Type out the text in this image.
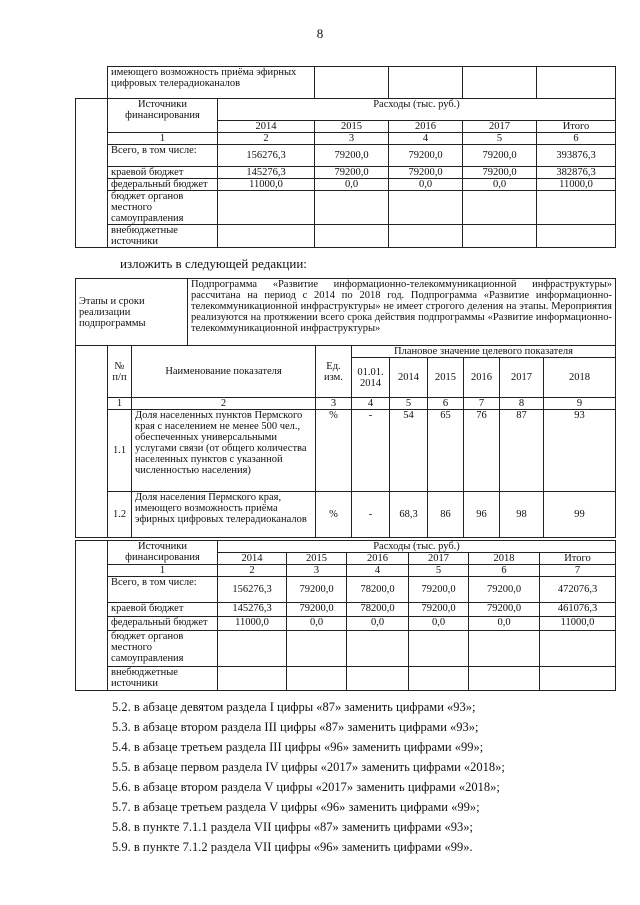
8
	имеющего возможность приёма эфирных цифровых телерадиоканалов					
	Источники финансирования	Расходы (тыс. руб.)				
		2014	2015	2016	2017	Итого
	1	2	3	4	5	6
	Всего, в том числе:	156276,3	79200,0	79200,0	79200,0	393876,3
	краевой бюджет	145276,3	79200,0	79200,0	79200,0	382876,3
	федеральный бюджет	11000,0	0,0	0,0	0,0	11000,0
	бюджет органов местного самоуправления					
	внебюджетные источники					
изложить в следующей редакции:
Этапы и сроки реализации подпрограммы	Подпрограмма «Развитие информационно-телекоммуникационной инфраструктуры» рассчитана на период с 2014 по 2018 год. Подпрограмма «Развитие информационно-телекоммуникационной инфраструктуры» не имеет строгого деления на этапы. Мероприятия реализуются на протяжении всего срока действия подпрограммы «Развитие информационно-телекоммуникационной инфраструктуры»
	№ п/п	Наименование показателя	Ед. изм.	Плановое значение целевого показателя					
				01.01. 2014	2014	2015	2016	2017	2018
	1	2	3	4	5	6	7	8	9
	1.1	Доля населенных пунктов Пермского края с населением не менее 500 чел., обеспеченных универсальными услугами связи (от общего количества населенных пунктов с указанной численностью населения)	%	-	54	65	76	87	93
	1.2	Доля населения Пермского края, имеющего возможность приёма эфирных цифровых телерадиоканалов	%	-	68,3	86	96	98	99
	Источники финансирования	Расходы (тыс. руб.)					
		2014	2015	2016	2017	2018	Итого
	1	2	3	4	5	6	7
	Всего, в том числе:	156276,3	79200,0	78200,0	79200,0	79200,0	472076,3
	краевой бюджет	145276,3	79200,0	78200,0	79200,0	79200,0	461076,3
	федеральный бюджет	11000,0	0,0	0,0	0,0	0,0	11000,0
	бюджет органов местного самоуправления						
	внебюджетные источники						
5.2. в абзаце девятом раздела I цифры «87» заменить цифрами «93»;
5.3. в абзаце втором раздела III цифры «87» заменить цифрами «93»;
5.4. в абзаце третьем раздела III цифры «96» заменить цифрами «99»;
5.5. в абзаце первом раздела IV цифры «2017» заменить цифрами «2018»;
5.6. в абзаце втором раздела V цифры «2017» заменить цифрами «2018»;
5.7. в абзаце третьем раздела V цифры «96» заменить цифрами «99»;
5.8. в пункте 7.1.1 раздела VII цифры «87» заменить цифрами «93»;
5.9. в пункте 7.1.2 раздела VII цифры «96» заменить цифрами «99».
